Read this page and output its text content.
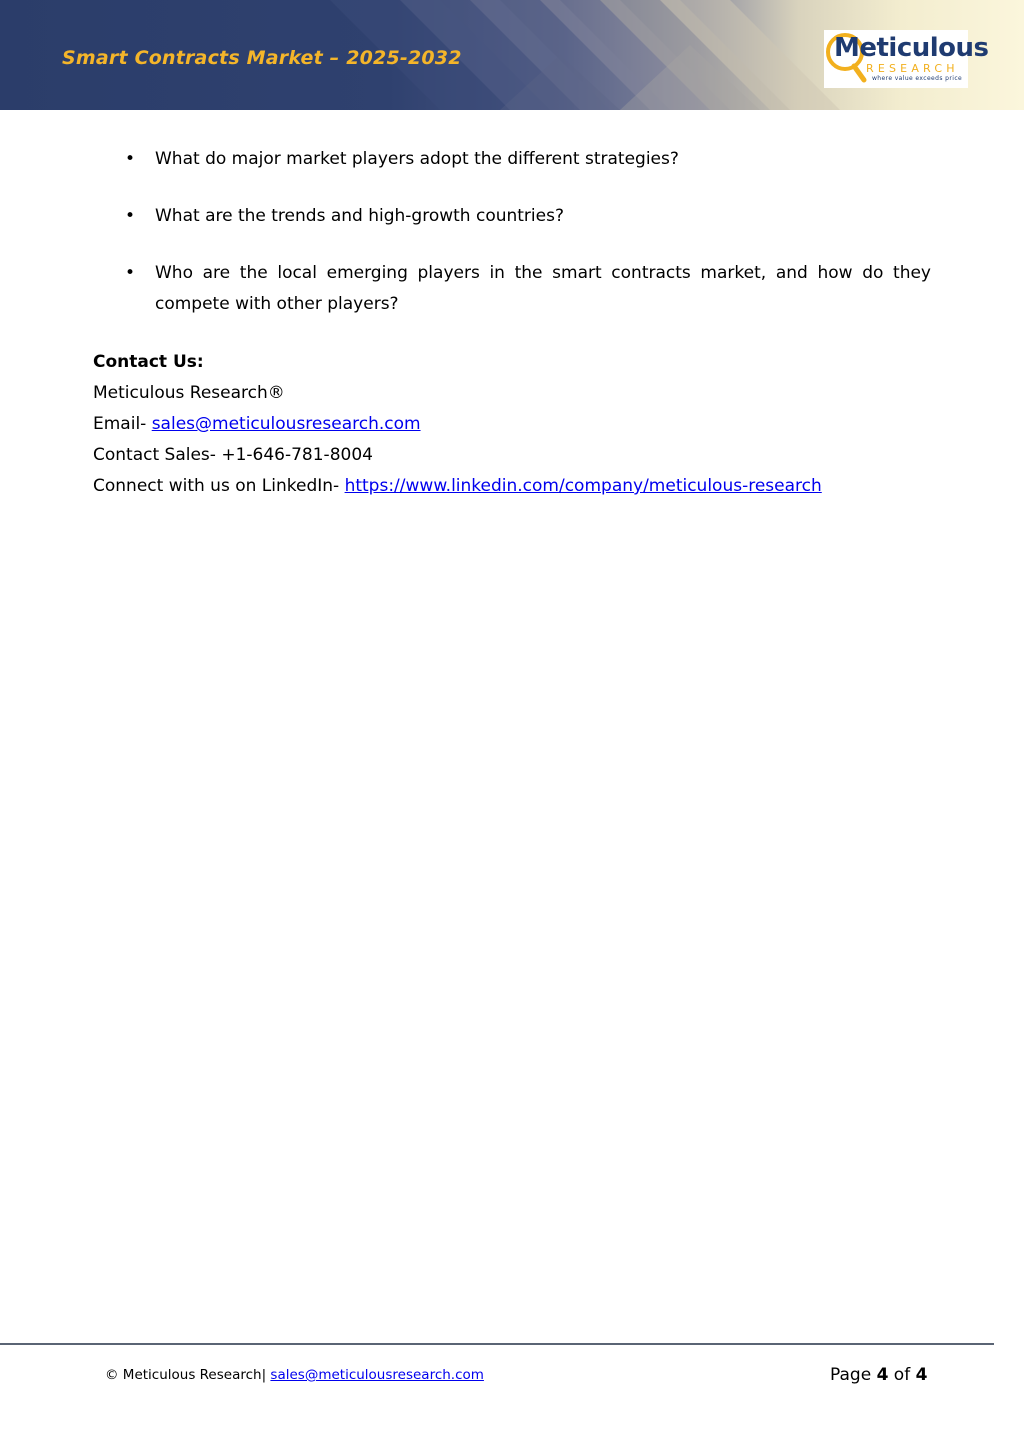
Smart Contracts Market – 2025-2032	Meticulous
RESEARCH
where value exceeds price
• What do major market players adopt the different strategies?
• What are the trends and high-growth countries?
• Who are the local emerging players in the smart contracts market, and how do they compete with other players?
Contact Us:
Meticulous Research®
Email- sales@meticulousresearch.com
Contact Sales- +1-646-781-8004
Connect with us on LinkedIn- https://www.linkedin.com/company/meticulous-research
© Meticulous Research| sales@meticulousresearch.com	Page 4 of 4
